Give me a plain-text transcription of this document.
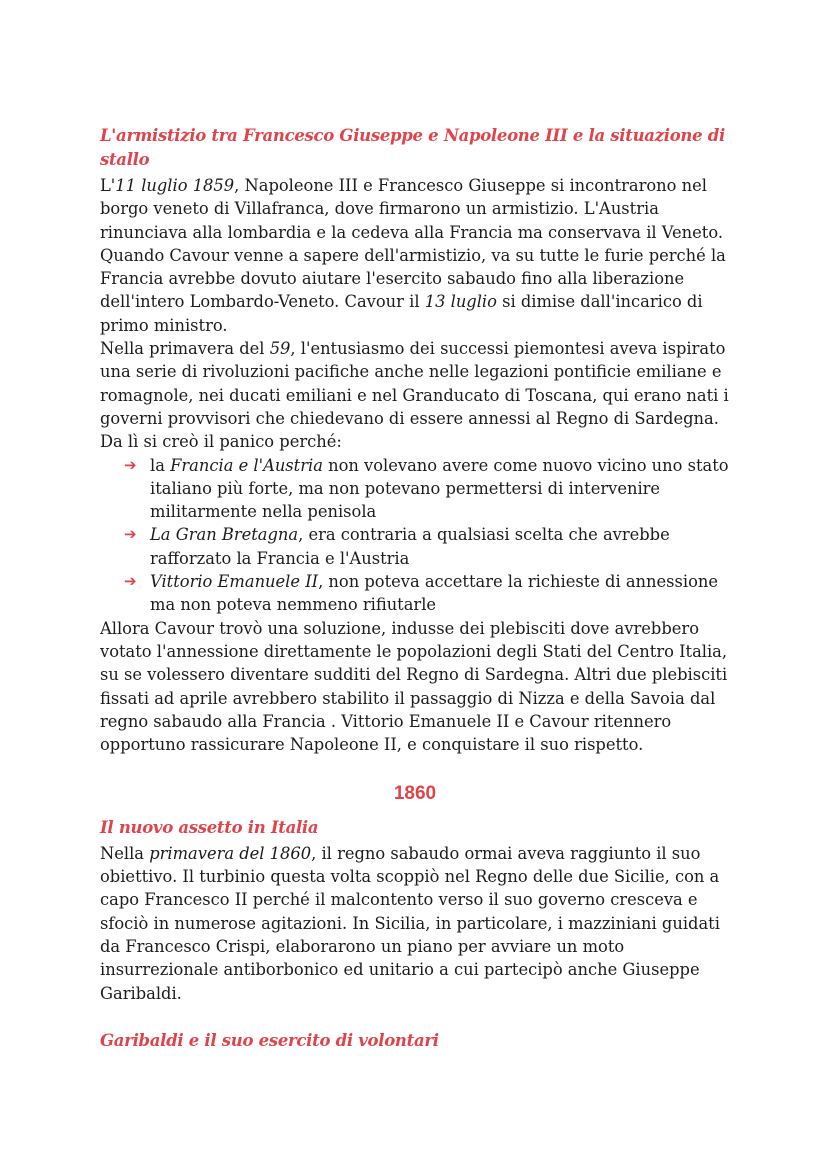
L'armistizio tra Francesco Giuseppe e Napoleone III e la situazione di stallo

L'11 luglio 1859, Napoleone III e Francesco Giuseppe si incontrarono nel borgo veneto di Villafranca, dove firmarono un armistizio. L'Austria rinunciava alla lombardia e la cedeva alla Francia ma conservava il Veneto. Quando Cavour venne a sapere dell'armistizio, va su tutte le furie perché la Francia avrebbe dovuto aiutare l'esercito sabaudo fino alla liberazione dell'intero Lombardo-Veneto. Cavour il 13 luglio si dimise dall'incarico di primo ministro.

Nella primavera del 59, l'entusiasmo dei successi piemontesi aveva ispirato una serie di rivoluzioni pacifiche anche nelle legazioni pontificie emiliane e romagnole, nei ducati emiliani e nel Granducato di Toscana, qui erano nati i governi provvisori che chiedevano di essere annessi al Regno di Sardegna. Da lì si creò il panico perché:

➔ la Francia e l'Austria non volevano avere come nuovo vicino uno stato italiano più forte, ma non potevano permettersi di intervenire militarmente nella penisola
➔ La Gran Bretagna, era contraria a qualsiasi scelta che avrebbe rafforzato la Francia e l'Austria
➔ Vittorio Emanuele II, non poteva accettare la richieste di annessione ma non poteva nemmeno rifiutarle

Allora Cavour trovò una soluzione, indusse dei plebisciti dove avrebbero votato l'annessione direttamente le popolazioni degli Stati del Centro Italia, su se volessero diventare sudditi del Regno di Sardegna. Altri due plebisciti fissati ad aprile avrebbero stabilito il passaggio di Nizza e della Savoia dal regno sabaudo alla Francia . Vittorio Emanuele II e Cavour ritennero opportuno rassicurare Napoleone II, e conquistare il suo rispetto.

1860
Il nuovo assetto in Italia

Nella primavera del 1860, il regno sabaudo ormai aveva raggiunto il suo obiettivo. Il turbinio questa volta scoppiò nel Regno delle due Sicilie, con a capo Francesco II perché il malcontento verso il suo governo cresceva e sfociò in numerose agitazioni. In Sicilia, in particolare, i mazziniani guidati da Francesco Crispi, elaborarono un piano per avviare un moto insurrezionale antiborbonico ed unitario a cui partecipò anche Giuseppe Garibaldi.

Garibaldi e il suo esercito di volontari
